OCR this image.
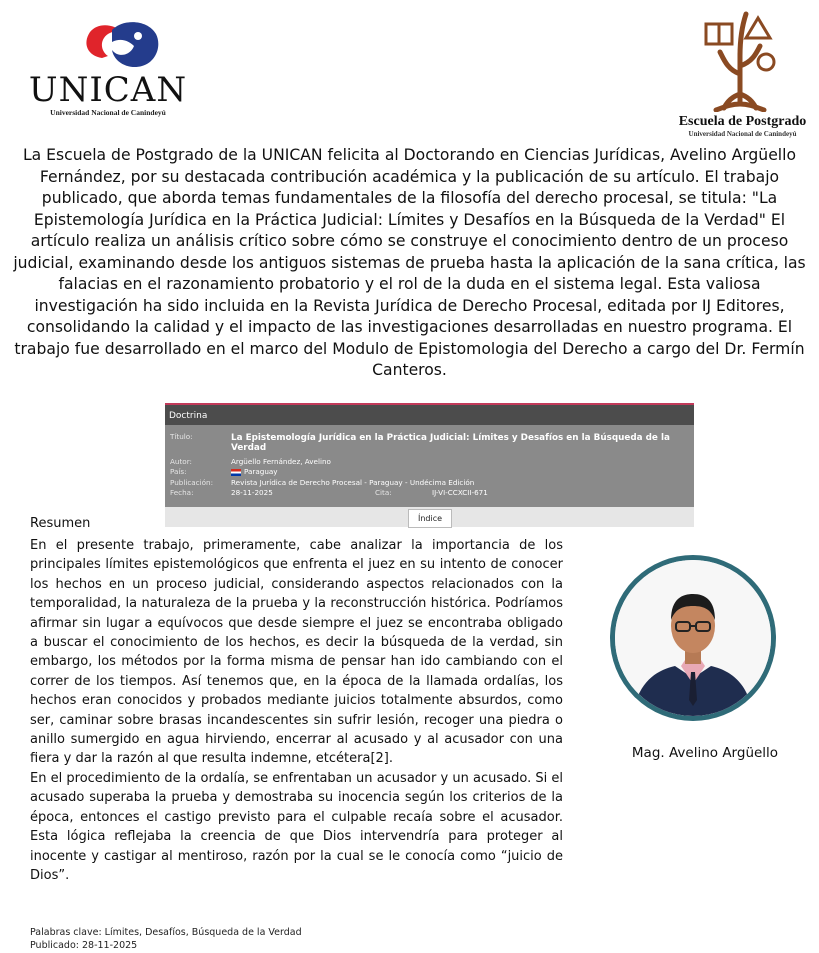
UNICAN
Universidad Nacional de Canindeyú
Escuela de Postgrado
Universidad Nacional de Canindeyú

La Escuela de Postgrado de la UNICAN felicita al Doctorando en Ciencias Jurídicas, Avelino Argüello Fernández, por su destacada contribución académica y la publicación de su artículo. El trabajo publicado, que aborda temas fundamentales de la filosofía del derecho procesal, se titula: "La Epistemología Jurídica en la Práctica Judicial: Límites y Desafíos en la Búsqueda de la Verdad" El artículo realiza un análisis crítico sobre cómo se construye el conocimiento dentro de un proceso judicial, examinando desde los antiguos sistemas de prueba hasta la aplicación de la sana crítica, las falacias en el razonamiento probatorio y el rol de la duda en el sistema legal. Esta valiosa investigación ha sido incluida en la Revista Jurídica de Derecho Procesal, editada por IJ Editores, consolidando la calidad y el impacto de las investigaciones desarrolladas en nuestro programa. El trabajo fue desarrollado en el marco del Modulo de Epistomologia del Derecho a cargo del Dr. Fermín Canteros.

Doctrina
Título:	La Epistemología Jurídica en la Práctica Judicial: Límites y Desafíos en la Búsqueda de la Verdad
Autor:	Argüello Fernández, Avelino
País:	Paraguay
Publicación:	Revista Jurídica de Derecho Procesal - Paraguay - Undécima Edición
Fecha:	28-11-2025	Cita:	IJ-VI-CCXCII-671
Índice
Resumen

En el presente trabajo, primeramente, cabe analizar la importancia de los principales límites epistemológicos que enfrenta el juez en su intento de conocer los hechos en un proceso judicial, considerando aspectos relacionados con la temporalidad, la naturaleza de la prueba y la reconstrucción histórica. Podríamos afirmar sin lugar a equívocos que desde siempre el juez se encontraba obligado a buscar el conocimiento de los hechos, es decir la búsqueda de la verdad, sin embargo, los métodos por la forma misma de pensar han ido cambiando con el correr de los tiempos. Así tenemos que, en la época de la llamada ordalías, los hechos eran conocidos y probados mediante juicios totalmente absurdos, como ser, caminar sobre brasas incandescentes sin sufrir lesión, recoger una piedra o anillo sumergido en agua hirviendo, encerrar al acusado y al acusador con una fiera y dar la razón al que resulta indemne, etcétera[2].

En el procedimiento de la ordalía, se enfrentaban un acusador y un acusado. Si el acusado superaba la prueba y demostraba su inocencia según los criterios de la época, entonces el castigo previsto para el culpable recaía sobre el acusador. Esta lógica reflejaba la creencia de que Dios intervendría para proteger al inocente y castigar al mentiroso, razón por la cual se le conocía como “juicio de Dios”.

Mag. Avelino Argüello
Palabras clave: Límites, Desafíos, Búsqueda de la Verdad
Publicado: 28-11-2025
